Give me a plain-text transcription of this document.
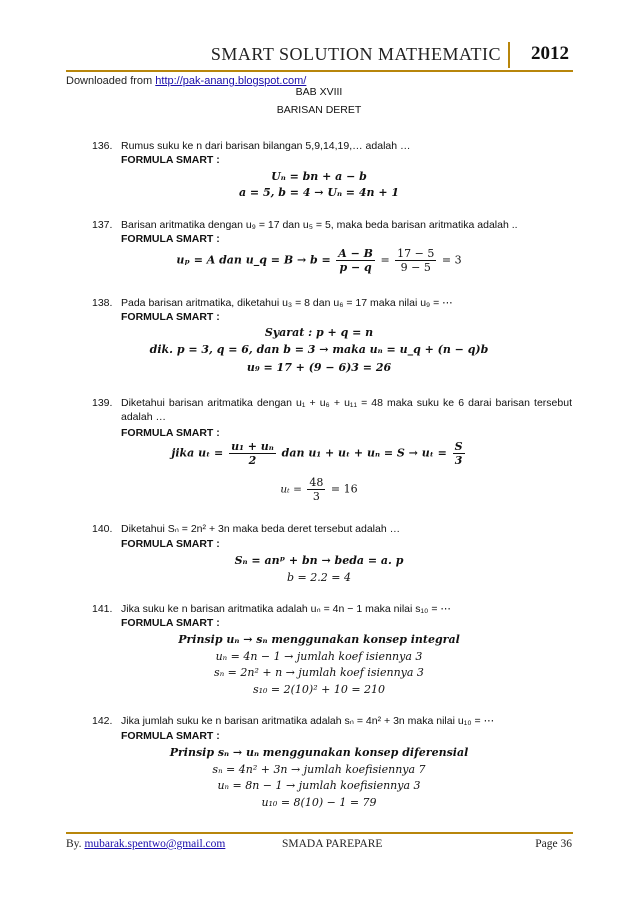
SMART SOLUTION MATHEMATIC 2012
Downloaded from http://pak-anang.blogspot.com/
BAB XVIII
BARISAN DERET
136. Rumus suku ke n dari barisan bilangan 5,9,14,19,… adalah …
FORMULA SMART :
Uₙ = bn + a − b
a = 5, b = 4 → Uₙ = 4n + 1
137. Barisan aritmatika dengan u₉ = 17 dan u₅ = 5, maka beda barisan aritmatika adalah ..
FORMULA SMART :
uₚ = A dan u_q = $B \to b = \frac{A - B}{p - q} = \frac{17 - 5}{9 - 5} = 3$
138. Pada barisan aritmatika, diketahui u₃ = 8 dan u₆ = 17 maka nilai u₉ = ⋯
FORMULA SMART :
Syarat : p + q = n
dik. p = 3, q = 6, dan b = 3 → maka uₙ = u_q + (n − q)b
u₉ = 17 + (9 − 6)3 = 26
139. Diketahui barisan aritmatika dengan u₁ + u₆ + u₁₁ = 48 maka suku ke 6 darai barisan tersebut adalah …
FORMULA SMART :
jika $u_t = \frac{\text{u₁ + uₙ}}{2}$ dan $u_1 + u_t + u_n = S \to u_t = \frac{S}{3}$
$u_t = \frac{48}{3} = 16$
140. Diketahui Sₙ = 2n² + 3n maka beda deret tersebut adalah …
FORMULA SMART :
Sₙ = anᵖ + bn → beda = a. p
b = 2.2 = 4
141. Jika suku ke n barisan aritmatika adalah uₙ = 4n − 1 maka nilai s₁₀ = ⋯
FORMULA SMART :
Prinsip uₙ → sₙ menggunakan konsep integral
uₙ = 4n − 1 → jumlah koef isiennya 3
sₙ = 2n² + n → jumlah koef isiennya 3
s₁₀ = 2(10)² + 10 = 210
142. Jika jumlah suku ke n barisan aritmatika adalah sₙ = 4n² + 3n maka nilai u₁₀ = ⋯
FORMULA SMART :
Prinsip sₙ → uₙ menggunakan konsep diferensial
sₙ = 4n² + 3n → jumlah koefisiennya 7
uₙ = 8n − 1 → jumlah koefisiennya 3
u₁₀ = 8(10) − 1 = 79
By. mubarak.spentwo@gmail.com	SMADA PAREPARE	Page 36
